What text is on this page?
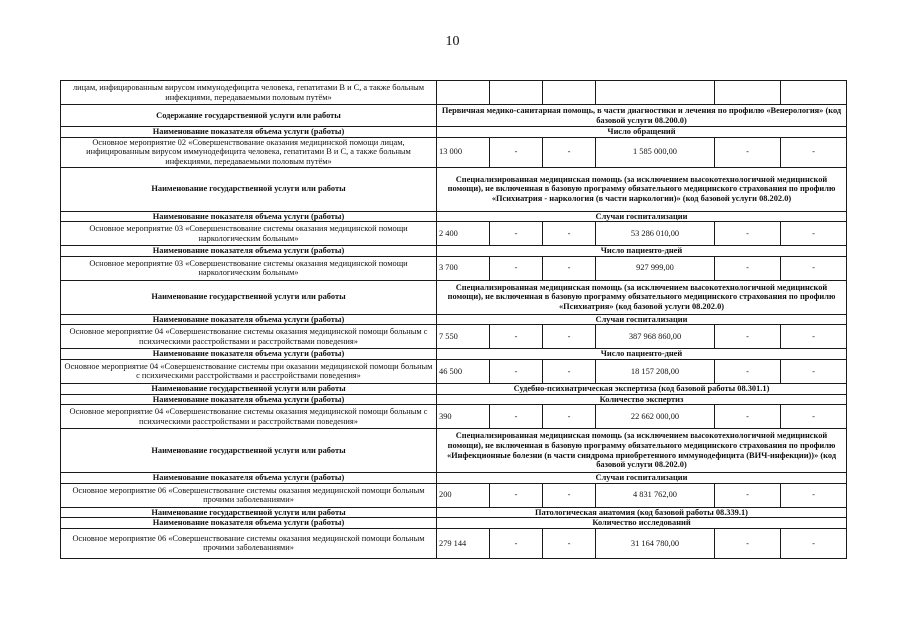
10
лицам, инфицированным вирусом иммунодефицита человека, гепатитами B и C, а также больным инфекциями, передаваемыми половым путём»						
Содержание государственной услуги или работы	Первичная медико-санитарная помощь, в части диагностики и лечения по профилю «Венерология» (код базовой услуги 08.200.0)					
Наименование показателя объема услуги (работы)	Число обращений					
Основное мероприятие 02 «Совершенствование оказания медицинской помощи лицам, инфицированным вирусом иммунодефицита человека, гепатитами B и C, а также больным инфекциями, передаваемыми половым путём»	13 000	-	-	1 585 000,00	-	-
Наименование государственной услуги или работы	Специализированная медицинская помощь (за исключением высокотехнологичной медицинской помощи), не включенная в базовую программу обязательного медицинского страхования по профилю «Психиатрия - наркология (в части наркологии)» (код базовой услуги 08.202.0)					
Наименование показателя объема услуги (работы)	Случаи госпитализации					
Основное мероприятие 03 «Совершенствование системы оказания медицинской помощи наркологическим больным»	2 400	-	-	53 286 010,00	-	-
Наименование показателя объема услуги (работы)	Число пациенто-дней					
Основное мероприятие 03 «Совершенствование системы оказания медицинской помощи наркологическим больным»	3 700	-	-	927 999,00	-	-
Наименование государственной услуги или работы	Специализированная медицинская помощь (за исключением высокотехнологичной медицинской помощи), не включенная в базовую программу обязательного медицинского страхования по профилю «Психиатрия» (код базовой услуги 08.202.0)					
Наименование показателя объема услуги (работы)	Случаи госпитализации					
Основное мероприятие 04 «Совершенствование системы оказания медицинской помощи больным с психическими расстройствами и расстройствами поведения»	7 550	-	-	387 968 860,00	-	-
Наименование показателя объема услуги (работы)	Число пациенто-дней					
Основное мероприятие 04 «Совершенствование системы при оказании медицинской помощи больным с психическими расстройствами и расстройствами поведения»	46 500	-	-	18 157 208,00	-	-
Наименование государственной услуги или работы	Судебно-психиатрическая экспертиза (код базовой работы 08.301.1)					
Наименование показателя объема услуги (работы)	Количество экспертиз					
Основное мероприятие 04 «Совершенствование системы оказания медицинской помощи больным с психическими расстройствами и расстройствами поведения»	390	-	-	22 662 000,00	-	-
Наименование государственной услуги или работы	Специализированная медицинская помощь (за исключением высокотехнологичной медицинской помощи), не включенная в базовую программу обязательного медицинского страхования по профилю «Инфекционные болезни (в части синдрома приобретенного иммунодефицита (ВИЧ-инфекции))» (код базовой услуги 08.202.0)					
Наименование показателя объема услуги (работы)	Случаи госпитализации					
Основное мероприятие 06 «Совершенствование системы оказания медицинской помощи больным прочими заболеваниями»	200	-	-	4 831 762,00	-	-
Наименование государственной услуги или работы	Патологическая анатомия (код базовой работы 08.339.1)					
Наименование показателя объема услуги (работы)	Количество исследований					
Основное мероприятие 06 «Совершенствование системы оказания медицинской помощи больным прочими заболеваниями»	279 144	-	-	31 164 780,00	-	-
